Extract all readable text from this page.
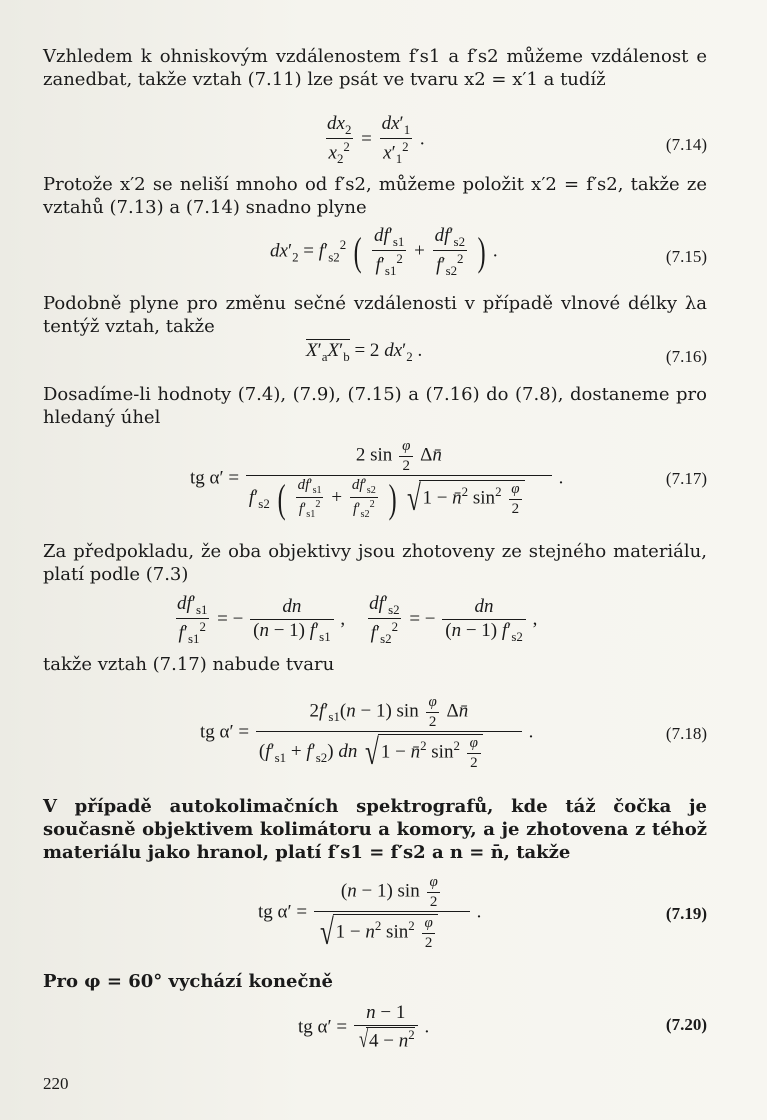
Vzhledem k ohniskovým vzdálenostem f′s1 a f′s2 můžeme vzdálenost e zanedbat, takže vztah (7.11) lze psát ve tvaru x2 = x′1 a tudíž
$\frac{dx_2}{x_2^2} = \frac{dx'_1}{x'_1^2}$ .	(7.14)
Protože x′2 se neliší mnoho od f′s2, můžeme položit x′2 = f′s2, takže ze vztahů (7.13) a (7.14) snadno plyne
$dx'_2 = f'_{s2}^2$ ( $\frac{df'_{s1}}{f'_{s1}^2} + \frac{df'_{s2}}{f'_{s2}^2}$ ) .	(7.15)
Podobně plyne pro změnu sečné vzdálenosti v případě vlnové délky λa tentýž vztah, takže
$X'_aX'_b = 2$ $dx'_2$ .	(7.16)
Dosadíme-li hodnoty (7.4), (7.9), (7.15) a (7.16) do (7.8), dostaneme pro hledaný úhel
tg α′ =
2 $\sin \frac{\varphi}{2}$ Δn̄
$f'_{s2}$ ( $\frac{df'_{s1}}{f'_{s1}^2} + \frac{df'_{s2}}{f'_{s2}^2}$ ) √ 1 − n̄$^2$ $\sin^2 \frac{\varphi}{2}$
.	(7.17)
Za předpokladu, že oba objektivy jsou zhotoveny ze stejného materiálu, platí podle (7.3)
$\frac{df'_{s1}}{f'_{s1}^2}$ = − $\frac{dn}{(n - 1) f'_{s1}}$ , $\frac{df'_{s2}}{f'_{s2}^2}$ = − $\frac{dn}{(n - 1) f'_{s2}}$ ,
takže vztah (7.17) nabude tvaru
tg $\alpha' = \frac{2f'_{s1}(n - 1) \sin \frac{\varphi}{2} \Delta n̄}{(f'_{s1} + f'_{s2}) dn √ 1 - n̄^2 \sin^2 \frac{\varphi}{2}}$ .	(7.18)
V případě autokolimačních spektrografů, kde táž čočka je současně objektivem kolimátoru a komory, a je zhotovena z téhož materiálu jako hranol, platí f′s1 = f′s2 a n = n̄, takže
tg $\alpha' = \frac{(n - 1) \sin \frac{\varphi}{2}}{√ 1 - n^2 \sin^2 \frac{\varphi}{2}}$ .	(7.19)
Pro φ = 60° vychází konečně
tg $\alpha' = \frac{n - 1}{√4 - n^2}$ .	(7.20)
220
